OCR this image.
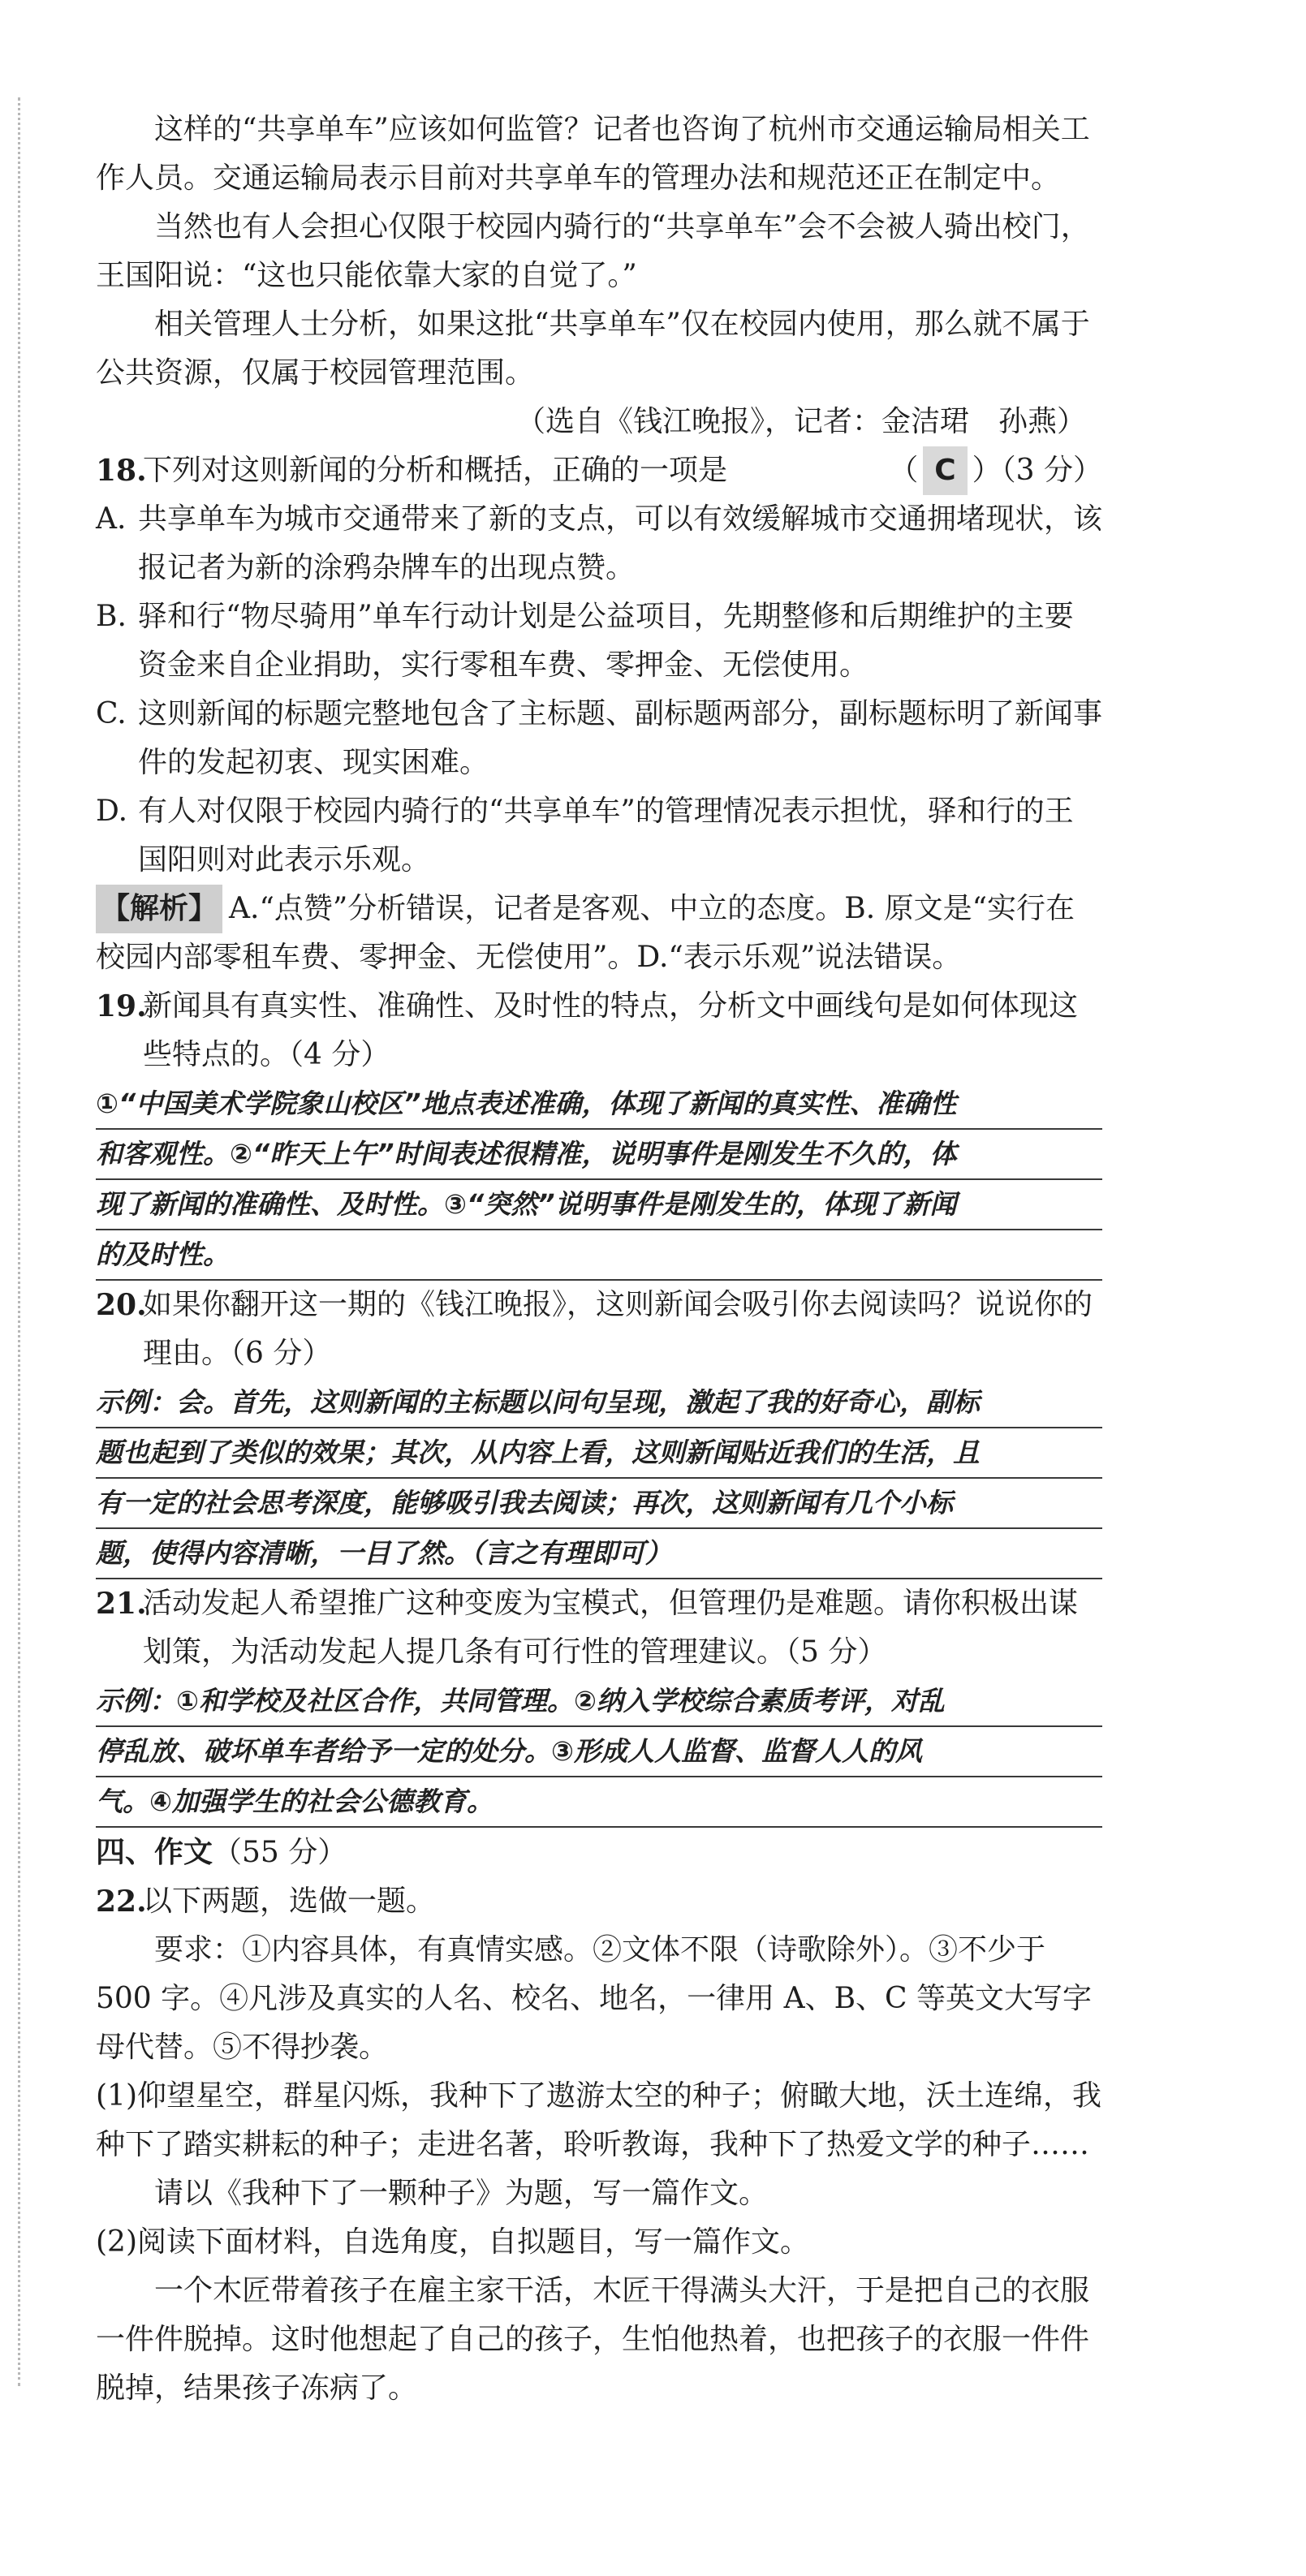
这样的“共享单车”应该如何监管？记者也咨询了杭州市交通运输局相关工作人员。交通运输局表示目前对共享单车的管理办法和规范还正在制定中。

当然也有人会担心仅限于校园内骑行的“共享单车”会不会被人骑出校门，王国阳说：“这也只能依靠大家的自觉了。”

相关管理人士分析，如果这批“共享单车”仅在校园内使用，那么就不属于公共资源，仅属于校园管理范围。

（选自《钱江晚报》，记者：金洁珺　孙燕）

18.
下列对这则新闻的分析和概括，正确的一项是	（ C ）（3 分）
A. 共享单车为城市交通带来了新的支点，可以有效缓解城市交通拥堵现状，该报记者为新的涂鸦杂牌车的出现点赞。
B. 驿和行“物尽骑用”单车行动计划是公益项目，先期整修和后期维护的主要资金来自企业捐助，实行零租车费、零押金、无偿使用。
C. 这则新闻的标题完整地包含了主标题、副标题两部分，副标题标明了新闻事件的发起初衷、现实困难。
D. 有人对仅限于校园内骑行的“共享单车”的管理情况表示担忧，驿和行的王国阳则对此表示乐观。

【解析】 A.“点赞”分析错误，记者是客观、中立的态度。B. 原文是“实行在校园内部零租车费、零押金、无偿使用”。D.“表示乐观”说法错误。

19.
新闻具有真实性、准确性、及时性的特点，分析文中画线句是如何体现这些特点的。（4 分）
①“中国美术学院象山校区”地点表述准确，体现了新闻的真实性、准确性
和客观性。②“昨天上午”时间表述很精准，说明事件是刚发生不久的，体
现了新闻的准确性、及时性。③“突然”说明事件是刚发生的，体现了新闻
的及时性。
20.
如果你翻开这一期的《钱江晚报》，这则新闻会吸引你去阅读吗？说说你的理由。（6 分）
示例：会。首先，这则新闻的主标题以问句呈现，激起了我的好奇心，副标
题也起到了类似的效果；其次，从内容上看，这则新闻贴近我们的生活，且
有一定的社会思考深度，能够吸引我去阅读；再次，这则新闻有几个小标
题，使得内容清晰，一目了然。（言之有理即可）
21.
活动发起人希望推广这种变废为宝模式，但管理仍是难题。请你积极出谋划策，为活动发起人提几条有可行性的管理建议。（5 分）
示例：①和学校及社区合作，共同管理。②纳入学校综合素质考评，对乱
停乱放、破坏单车者给予一定的处分。③形成人人监督、监督人人的风
气。④加强学生的社会公德教育。

四、作文（55 分）

22.
以下两题，选做一题。

要求：①内容具体，有真情实感。②文体不限（诗歌除外）。③不少于 500 字。④凡涉及真实的人名、校名、地名，一律用 A、B、C 等英文大写字母代替。⑤不得抄袭。

(1)仰望星空，群星闪烁，我种下了遨游太空的种子；俯瞰大地，沃土连绵，我种下了踏实耕耘的种子；走进名著，聆听教诲，我种下了热爱文学的种子……

请以《我种下了一颗种子》为题，写一篇作文。

(2)阅读下面材料，自选角度，自拟题目，写一篇作文。

一个木匠带着孩子在雇主家干活，木匠干得满头大汗，于是把自己的衣服一件件脱掉。这时他想起了自己的孩子，生怕他热着，也把孩子的衣服一件件脱掉，结果孩子冻病了。
